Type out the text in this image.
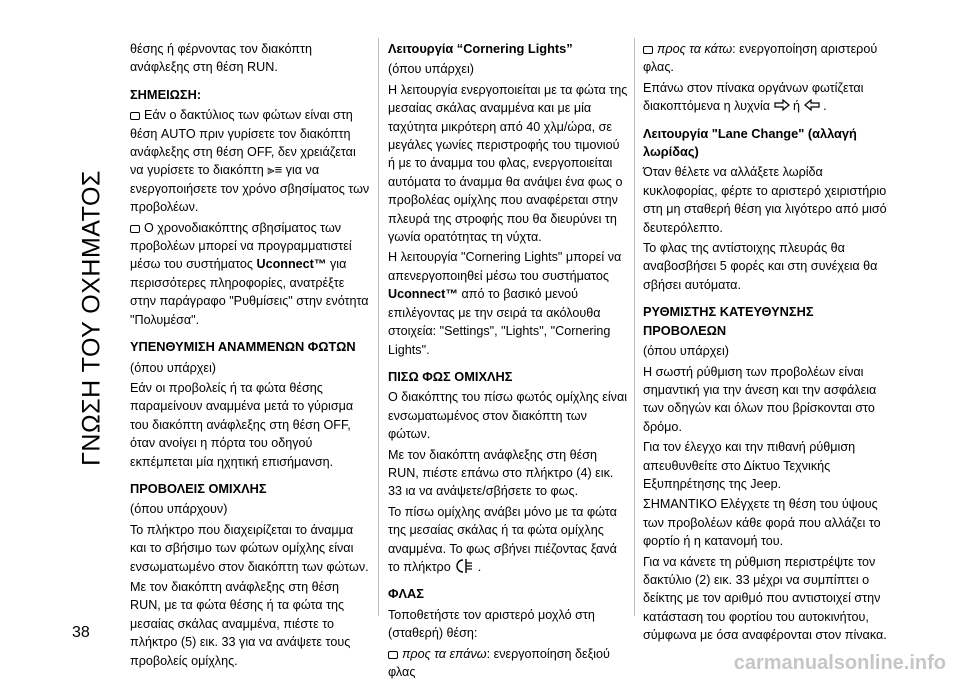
ΓΝΩΣΗ ΤΟΥ ΟΧΗΜΑΤΟΣ

θέσης ή φέρνοντας τον διακόπτη ανάφλεξης στη θέση RUN.

ΣΗΜΕΙΩΣΗ:

Εάν ο δακτύλιος των φώτων είναι στη θέση AUTO πριν γυρίσετε τον διακόπτη ανάφλεξης στη θέση OFF, δεν χρειάζεται να γυρίσετε το διακόπτη ⫸≡ για να ενεργοποιήσετε τον χρόνο σβησίματος των προβολέων.

Ο χρονοδιακόπτης σβησίματος των προβολέων μπορεί να προγραμματιστεί μέσω του συστήματος Uconnect™ για περισσότερες πληροφορίες, ανατρέξτε στην παράγραφο "Ρυθμίσεις" στην ενότητα "Πολυμέσα".

ΥΠΕΝΘΥΜΙΣΗ ΑΝΑΜΜΕΝΩΝ ΦΩΤΩΝ

(όπου υπάρχει)

Εάν οι προβολείς ή τα φώτα θέσης παραμείνουν αναμμένα μετά το γύρισμα του διακόπτη ανάφλεξης στη θέση OFF, όταν ανοίγει η πόρτα του οδηγού εκπέμπεται μία ηχητική επισήμανση.

ΠΡΟΒΟΛΕΙΣ ΟΜΙΧΛΗΣ

(όπου υπάρχουν)

Το πλήκτρο που διαχειρίζεται το άναμμα και το σβήσιμο των φώτων ομίχλης είναι ενσωματωμένο στον διακόπτη των φώτων.

Με τον διακόπτη ανάφλεξης στη θέση RUN, με τα φώτα θέσης ή τα φώτα της μεσαίας σκάλας αναμμένα, πιέστε το πλήκτρο (5) εικ. 33 για να ανάψετε τους προβολείς ομίχλης.

Λειτουργία “Cornering Lights”

(όπου υπάρχει)

Η λειτουργία ενεργοποιείται με τα φώτα της μεσαίας σκάλας αναμμένα και με μία ταχύτητα μικρότερη από 40 χλμ/ώρα, σε μεγάλες γωνίες περιστροφής του τιμονιού ή με το άναμμα του φλας, ενεργοποιείται αυτόματα το άναμμα θα ανάψει ένα φως ο προβολέας ομίχλης που αναφέρεται στην πλευρά της στροφής που θα διευρύνει τη γωνία ορατότητας τη νύχτα.

Η λειτουργία "Cornering Lights" μπορεί να απενεργοποιηθεί μέσω του συστήματος Uconnect™ από το βασικό μενού επιλέγοντας με την σειρά τα ακόλουθα στοιχεία: "Settings", "Lights", "Cornering Lights".

ΠΙΣΩ ΦΩΣ ΟΜΙΧΛΗΣ

Ο διακόπτης του πίσω φωτός ομίχλης είναι ενσωματωμένος στον διακόπτη των φώτων.

Με τον διακόπτη ανάφλεξης στη θέση RUN, πιέστε επάνω στο πλήκτρο (4) εικ. 33 ια να ανάψετε/σβήσετε το φως.

Το πίσω ομίχλης ανάβει μόνο με τα φώτα της μεσαίας σκάλας ή τα φώτα ομίχλης αναμμένα. Το φως σβήνει πιέζοντας ξανά το πλήκτρο .

ΦΛΑΣ

Τοποθετήστε τον αριστερό μοχλό στη (σταθερή) θέση:

προς τα επάνω: ενεργοποίηση δεξιού φλας

προς τα κάτω: ενεργοποίηση αριστερού φλας.

Επάνω στον πίνακα οργάνων φωτίζεται διακοπτόμενα η λυχνία ή .

Λειτουργία "Lane Change" (αλλαγή λωρίδας)

Όταν θέλετε να αλλάξετε λωρίδα κυκλοφορίας, φέρτε το αριστερό χειριστήριο στη μη σταθερή θέση για λιγότερο από μισό δευτερόλεπτο.

Το φλας της αντίστοιχης πλευράς θα αναβοσβήσει 5 φορές και στη συνέχεια θα σβήσει αυτόματα.

ΡΥΘΜΙΣΤΗΣ ΚΑΤΕΥΘΥΝΣΗΣ ΠΡΟΒΟΛΕΩΝ

(όπου υπάρχει)

Η σωστή ρύθμιση των προβολέων είναι σημαντική για την άνεση και την ασφάλεια των οδηγών και όλων που βρίσκονται στο δρόμο.

Για τον έλεγχο και την πιθανή ρύθμιση απευθυνθείτε στο Δίκτυο Τεχνικής Εξυπηρέτησης της Jeep.

ΣΗΜΑΝΤΙΚΟ Ελέγχετε τη θέση του ύψους των προβολέων κάθε φορά που αλλάζει το φορτίο ή η κατανομή του.

Για να κάνετε τη ρύθμιση περιστρέψτε τον δακτύλιο (2) εικ. 33 μέχρι να συμπίπτει ο δείκτης με τον αριθμό που αντιστοιχεί στην κατάσταση του φορτίου του αυτοκινήτου, σύμφωνα με όσα αναφέρονται στον πίνακα.

38
carmanualsonline.info
